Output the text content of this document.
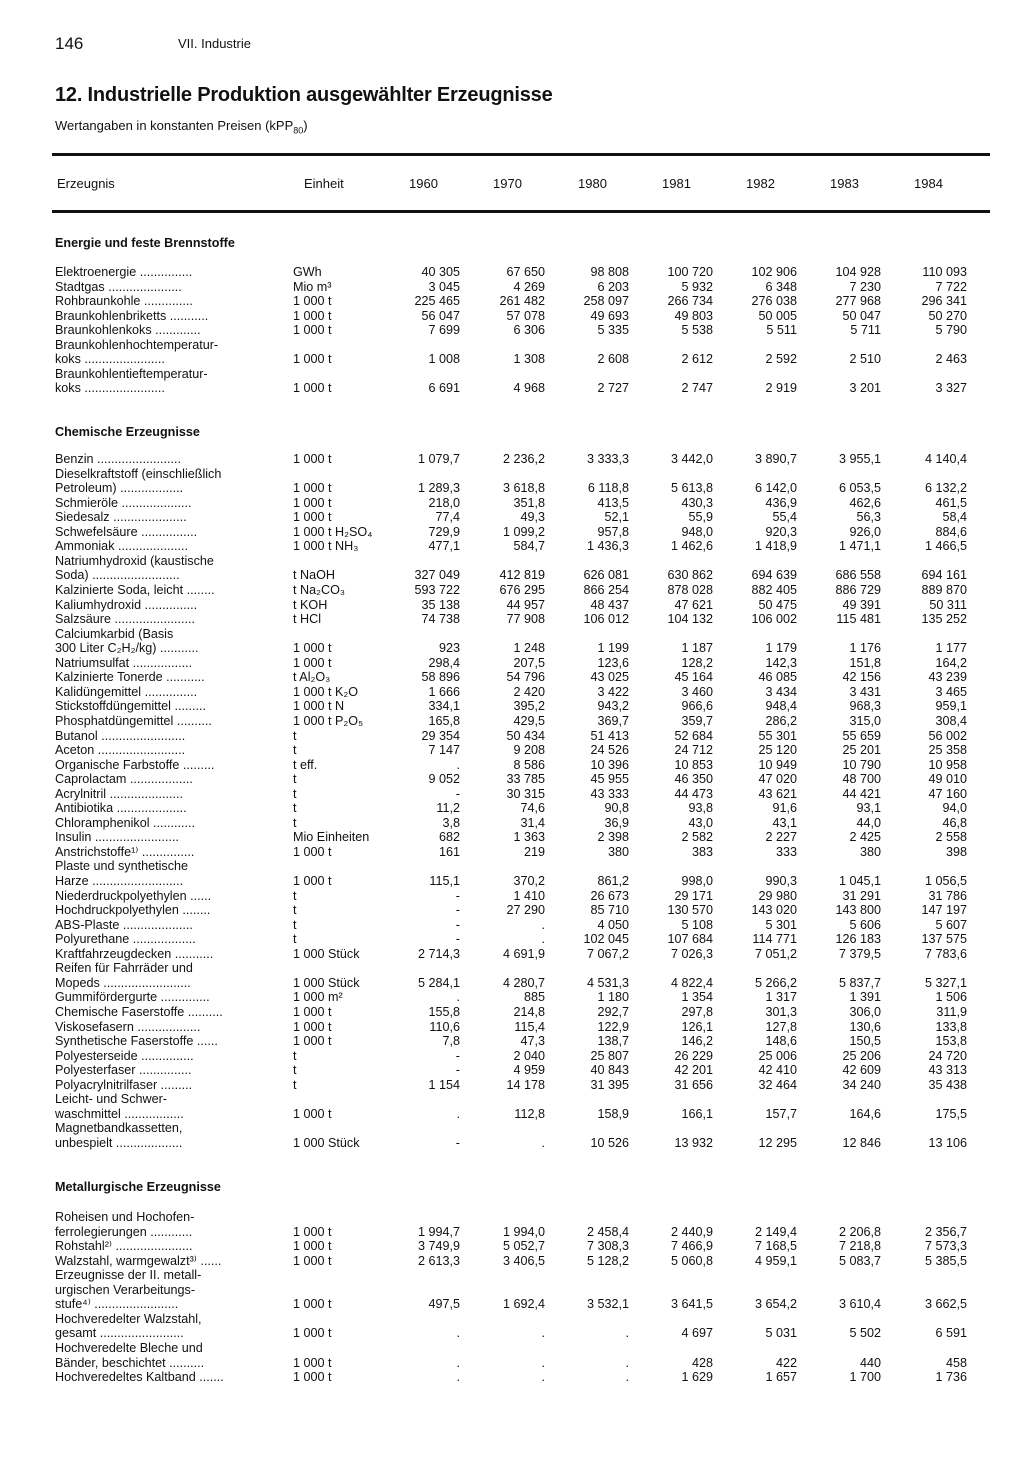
146	VII. Industrie
12. Industrielle Produktion ausgewählter Erzeugnisse
Wertangaben in konstanten Preisen (kPP$_{80}$)
Erzeugnis	Einheit	1960	1970	1980	1981	1982	1983	1984
Energie und feste Brennstoffe
Elektroenergie ...............	GWh	40 305	67 650	98 808	100 720	102 906	104 928	110 093
Stadtgas .....................	Mio m³	3 045	4 269	6 203	5 932	6 348	7 230	7 722
Rohbraunkohle ..............	1 000 t	225 465	261 482	258 097	266 734	276 038	277 968	296 341
Braunkohlenbriketts ...........	1 000 t	56 047	57 078	49 693	49 803	50 005	50 047	50 270
Braunkohlenkoks .............	1 000 t	7 699	6 306	5 335	5 538	5 511	5 711	5 790
Braunkohlenhochtemperatur-
koks .......................	1 000 t	1 008	1 308	2 608	2 612	2 592	2 510	2 463
Braunkohlentieftemperatur-
koks .......................	1 000 t	6 691	4 968	2 727	2 747	2 919	3 201	3 327
Chemische Erzeugnisse
Benzin ........................	1 000 t	1 079,7	2 236,2	3 333,3	3 442,0	3 890,7	3 955,1	4 140,4
Dieselkraftstoff (einschließlich
Petroleum) ..................	1 000 t	1 289,3	3 618,8	6 118,8	5 613,8	6 142,0	6 053,5	6 132,2
Schmieröle ....................	1 000 t	218,0	351,8	413,5	430,3	436,9	462,6	461,5
Siedesalz .....................	1 000 t	77,4	49,3	52,1	55,9	55,4	56,3	58,4
Schwefelsäure ................	1 000 t H₂SO₄	729,9	1 099,2	957,8	948,0	920,3	926,0	884,6
Ammoniak ....................	1 000 t NH₃	477,1	584,7	1 436,3	1 462,6	1 418,9	1 471,1	1 466,5
Natriumhydroxid (kaustische
Soda) .........................	t NaOH	327 049	412 819	626 081	630 862	694 639	686 558	694 161
Kalzinierte Soda, leicht ........	t Na₂CO₃	593 722	676 295	866 254	878 028	882 405	886 729	889 870
Kaliumhydroxid ...............	t KOH	35 138	44 957	48 437	47 621	50 475	49 391	50 311
Salzsäure .......................	t HCl	74 738	77 908	106 012	104 132	106 002	115 481	135 252
Calciumkarbid (Basis
300 Liter C₂H₂/kg) ...........	1 000 t	923	1 248	1 199	1 187	1 179	1 176	1 177
Natriumsulfat .................	1 000 t	298,4	207,5	123,6	128,2	142,3	151,8	164,2
Kalzinierte Tonerde ...........	t Al₂O₃	58 896	54 796	43 025	45 164	46 085	42 156	43 239
Kalidüngemittel ...............	1 000 t K₂O	1 666	2 420	3 422	3 460	3 434	3 431	3 465
Stickstoffdüngemittel .........	1 000 t N	334,1	395,2	943,2	966,6	948,4	968,3	959,1
Phosphatdüngemittel ..........	1 000 t P₂O₅	165,8	429,5	369,7	359,7	286,2	315,0	308,4
Butanol ........................	t	29 354	50 434	51 413	52 684	55 301	55 659	56 002
Aceton .........................	t	7 147	9 208	24 526	24 712	25 120	25 201	25 358
Organische Farbstoffe .........	t eff.	.	8 586	10 396	10 853	10 949	10 790	10 958
Caprolactam ..................	t	9 052	33 785	45 955	46 350	47 020	48 700	49 010
Acrylnitril .....................	t	-	30 315	43 333	44 473	43 621	44 421	47 160
Antibiotika ....................	t	11,2	74,6	90,8	93,8	91,6	93,1	94,0
Chloramphenikol ............	t	3,8	31,4	36,9	43,0	43,1	44,0	46,8
Insulin ........................	Mio Einheiten	682	1 363	2 398	2 582	2 227	2 425	2 558
Anstrichstoffe¹⁾ ...............	1 000 t	161	219	380	383	333	380	398
Plaste und synthetische
Harze ..........................	1 000 t	115,1	370,2	861,2	998,0	990,3	1 045,1	1 056,5
Niederdruckpolyethylen ......	t	-	1 410	26 673	29 171	29 980	31 291	31 786
Hochdruckpolyethylen ........	t	-	27 290	85 710	130 570	143 020	143 800	147 197
ABS-Plaste ....................	t	-	.	4 050	5 108	5 301	5 606	5 607
Polyurethane ..................	t	-	.	102 045	107 684	114 771	126 183	137 575
Kraftfahrzeugdecken ...........	1 000 Stück	2 714,3	4 691,9	7 067,2	7 026,3	7 051,2	7 379,5	7 783,6
Reifen für Fahrräder und
Mopeds .........................	1 000 Stück	5 284,1	4 280,7	4 531,3	4 822,4	5 266,2	5 837,7	5 327,1
Gummifördergurte ..............	1 000 m²	.	885	1 180	1 354	1 317	1 391	1 506
Chemische Faserstoffe ..........	1 000 t	155,8	214,8	292,7	297,8	301,3	306,0	311,9
Viskosefasern ..................	1 000 t	110,6	115,4	122,9	126,1	127,8	130,6	133,8
Synthetische Faserstoffe ......	1 000 t	7,8	47,3	138,7	146,2	148,6	150,5	153,8
Polyesterseide ...............	t	-	2 040	25 807	26 229	25 006	25 206	24 720
Polyesterfaser ...............	t	-	4 959	40 843	42 201	42 410	42 609	43 313
Polyacrylnitrilfaser .........	t	1 154	14 178	31 395	31 656	32 464	34 240	35 438
Leicht- und Schwer-
waschmittel .................	1 000 t	.	112,8	158,9	166,1	157,7	164,6	175,5
Magnetbandkassetten,
unbespielt ...................	1 000 Stück	-	.	10 526	13 932	12 295	12 846	13 106
Metallurgische Erzeugnisse
Roheisen und Hochofen-
ferrolegierungen ............	1 000 t	1 994,7	1 994,0	2 458,4	2 440,9	2 149,4	2 206,8	2 356,7
Rohstahl²⁾ ......................	1 000 t	3 749,9	5 052,7	7 308,3	7 466,9	7 168,5	7 218,8	7 573,3
Walzstahl, warmgewalzt³⁾ ......	1 000 t	2 613,3	3 406,5	5 128,2	5 060,8	4 959,1	5 083,7	5 385,5
Erzeugnisse der II. metall-
urgischen Verarbeitungs-
stufe⁴⁾ ........................	1 000 t	497,5	1 692,4	3 532,1	3 641,5	3 654,2	3 610,4	3 662,5
Hochveredelter Walzstahl,
gesamt ........................	1 000 t	.	.	.	4 697	5 031	5 502	6 591
Hochveredelte Bleche und
Bänder, beschichtet ..........	1 000 t	.	.	.	428	422	440	458
Hochveredeltes Kaltband .......	1 000 t	.	.	.	1 629	1 657	1 700	1 736
